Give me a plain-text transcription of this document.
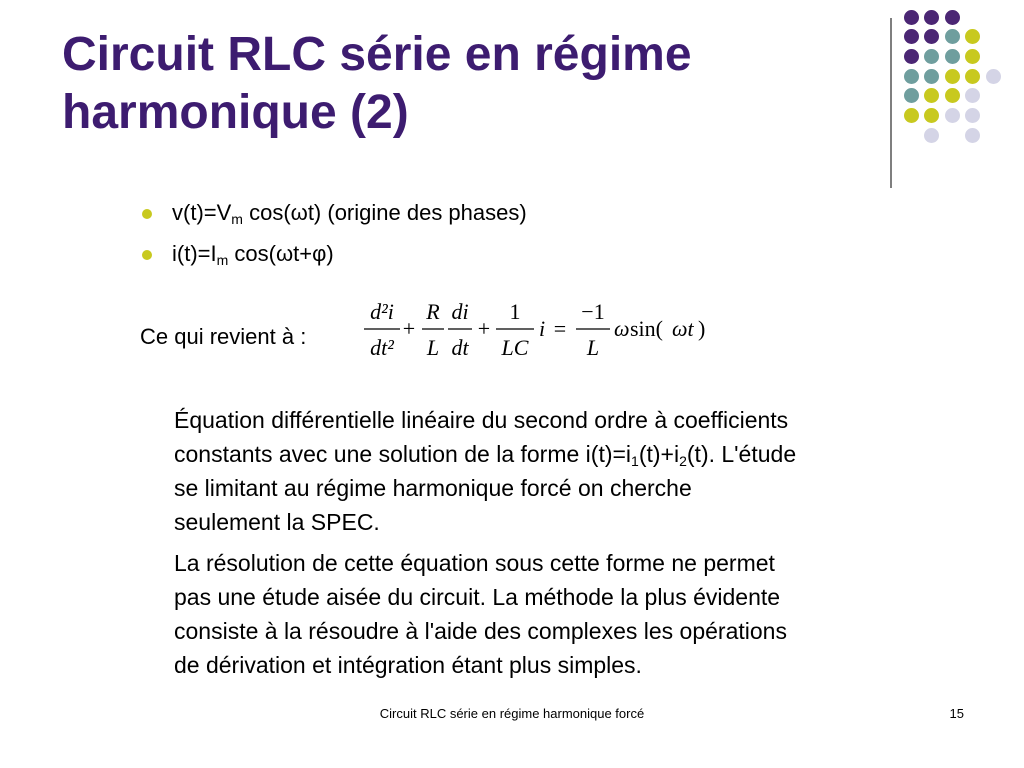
Circuit RLC série en régime
harmonique (2)
$v(t)=V_m$ cos(ωt) (origine des phases)
$i(t)=I_m$ cos(ωt+φ)
Ce qui revient à :
d²i
dt²
+
R
L
di
dt
+
1
LC
i =
−1
L
ω sin( ωt )

Équation différentielle linéaire du second ordre à coefficients
constants avec une solution de la forme $i(t)=i_1(t)+i_2(t)$. L'étude
se limitant au régime harmonique forcé on cherche
seulement la SPEC.

La résolution de cette équation sous cette forme ne permet
pas une étude aisée du circuit. La méthode la plus évidente
consiste à la résoudre à l'aide des complexes les opérations
de dérivation et intégration étant plus simples.

Circuit RLC série en régime harmonique forcé	15
